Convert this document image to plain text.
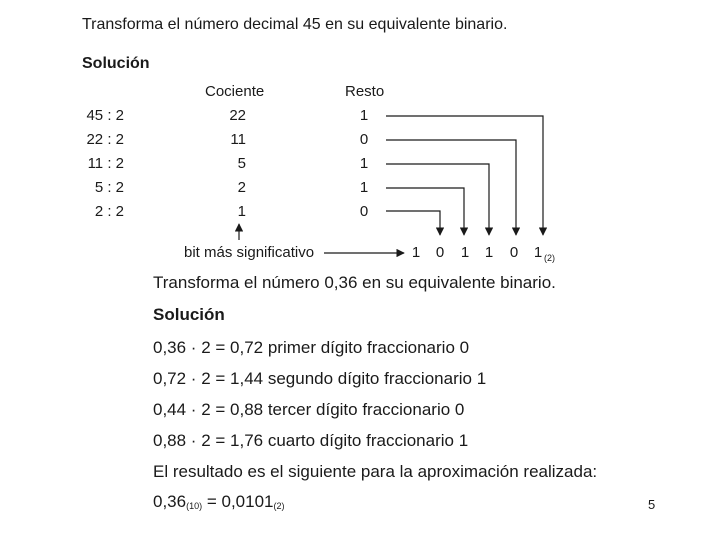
Transforma el número decimal 45 en su equivalente binario.
Solución
Cociente	Resto
45 : 2	22	1
22 : 2	11	0
11 : 2	5	1
5 : 2	2	1
2 : 2	1	0
bit más significativo	1 0 1 1 0 1 (2)
Transforma el número 0,36 en su equivalente binario.
Solución
0,36 · 2 = 0,72 primer dígito fraccionario 0
0,72 · 2 = 1,44 segundo dígito fraccionario 1
0,44 · 2 = 0,88 tercer dígito fraccionario 0
0,88 · 2 = 1,76 cuarto dígito fraccionario 1
El resultado es el siguiente para la aproximación realizada:
$0,36_{(10)} = 0,0101_{(2)}$	5
